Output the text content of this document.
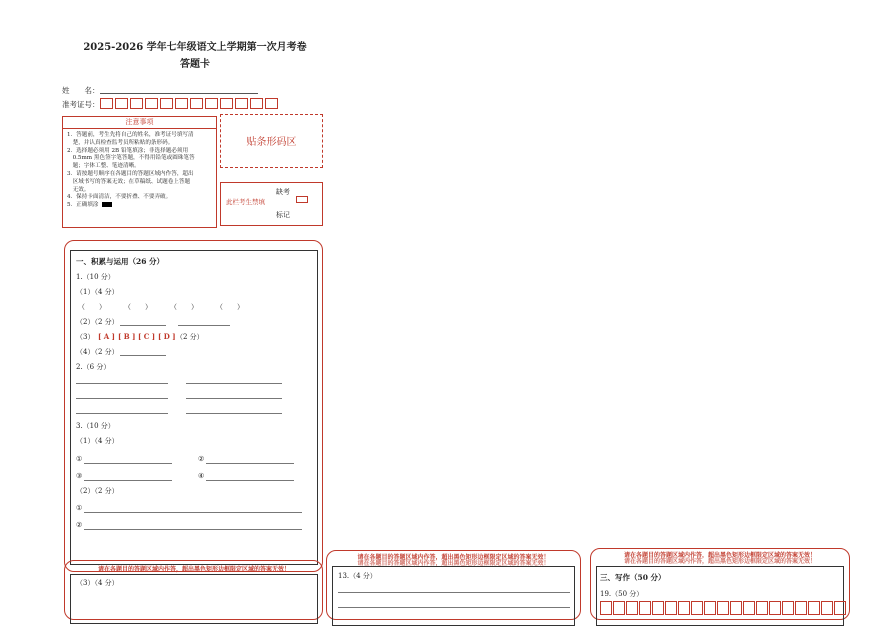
2025-2026 学年七年级语文上学期第一次月考卷
答题卡
姓　　名：
准考证号：
注意事项
1．答题前，考生先将自己的姓名，准考证号填写清
　楚，并认真检查监考员所粘贴的条形码。
2．选择题必须用 2B 铅笔填涂；非选择题必须用
　0.5mm 黑色签字笔答题，不得用铅笔或圆珠笔答
　题；字体工整、笔迹清晰。
3．请按题号顺序在各题目的答题区域内作答，超出
　区域书写的答案无效；在草稿纸、试题卷上答题
　无效。
4．保持卡面清洁，不要折叠、不要弄破。
5．正确填涂
贴条形码区
此栏考生禁填
缺考
标记
一、积累与运用（26 分）
1.（10 分）
（1）（4 分）
（　　）	（　　）	（　　）	（　　）
（2）（2 分）
（3） [ A ] [ B ] [ C ] [ D ] （2 分）
（4）（2 分）
2.（6 分）
3.（10 分）
（1）（4 分）
①	②
③	④
（2）（2 分）
①
②
请在各题目的答题区域内作答，超出黑色矩形边框限定区域的答案无效！
（3）（4 分）
请在各题目的答题区域内作答，超出黑色矩形边框限定区域的答案无效！
请在各题目的答题区域内作答，超出黑色矩形边框限定区域的答案无效！
13.（4 分）
请在各题目的答题区域内作答，超出黑色矩形边框限定区域的答案无效！
请在各题目的答题区域内作答，超出黑色矩形边框限定区域的答案无效！
三、写作（50 分）
19.（50 分）
